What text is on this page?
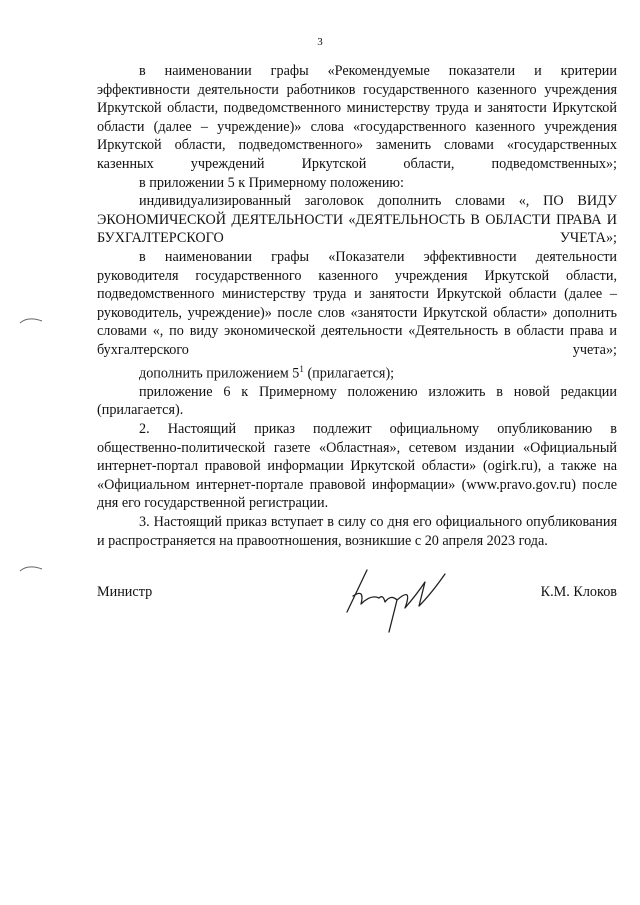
3

в наименовании графы «Рекомендуемые показатели и критерии эффективности деятельности работников государственного казенного учреждения Иркутской области, подведомственного министерству труда и занятости Иркутской области (далее – учреждение)» слова «государственного казенного учреждения Иркутской области, подведомственного» заменить словами «государственных казенных учреждений Иркутской области, подведомственных»;

в приложении 5 к Примерному положению:

индивидуализированный заголовок дополнить словами «, ПО ВИДУ ЭКОНОМИЧЕСКОЙ ДЕЯТЕЛЬНОСТИ «ДЕЯТЕЛЬНОСТЬ В ОБЛАСТИ ПРАВА И БУХГАЛТЕРСКОГО УЧЕТА»;

в наименовании графы «Показатели эффективности деятельности руководителя государственного казенного учреждения Иркутской области, подведомственного министерству труда и занятости Иркутской области (далее – руководитель, учреждение)» после слов «занятости Иркутской области» дополнить словами «, по виду экономической деятельности «Деятельность в области права и бухгалтерского учета»;

дополнить приложением $5^1$ (прилагается);

приложение 6 к Примерному положению изложить в новой редакции (прилагается).

2. Настоящий приказ подлежит официальному опубликованию в общественно-политической газете «Областная», сетевом издании «Официальный интернет-портал правовой информации Иркутской области» (ogirk.ru), а также на «Официальном интернет-портале правовой информации» (www.pravo.gov.ru) после дня его государственной регистрации.

3. Настоящий приказ вступает в силу со дня его официального опубликования и распространяется на правоотношения, возникшие с 20 апреля 2023 года.

Министр	К.М. Клоков
